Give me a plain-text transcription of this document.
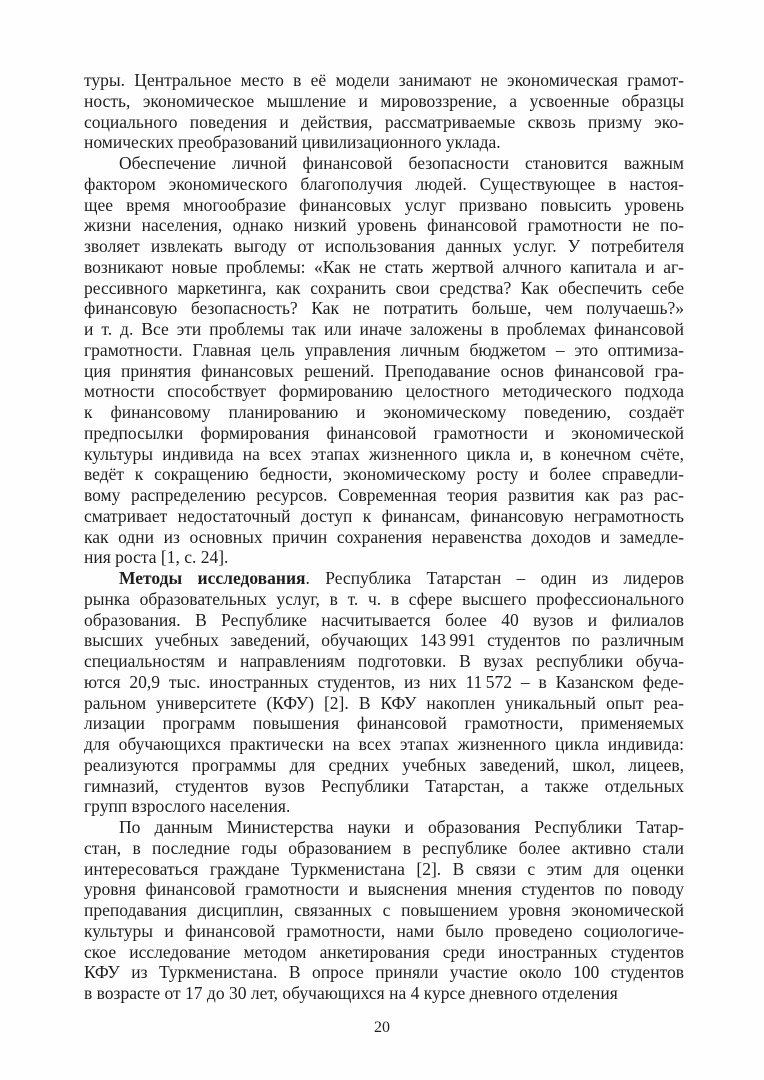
туры. Центральное место в её модели занимают не экономическая грамот-
ность, экономическое мышление и мировоззрение, а усвоенные образцы
социального поведения и действия, рассматриваемые сквозь призму эко-
номических преобразований цивилизационного уклада.
Обеспечение личной финансовой безопасности становится важным
фактором экономического благополучия людей. Существующее в настоя-
щее время многообразие финансовых услуг призвано повысить уровень
жизни населения, однако низкий уровень финансовой грамотности не по-
зволяет извлекать выгоду от использования данных услуг. У потребителя
возникают новые проблемы: «Как не стать жертвой алчного капитала и аг-
рессивного маркетинга, как сохранить свои средства? Как обеспечить себе
финансовую безопасность? Как не потратить больше, чем получаешь?»
и т. д. Все эти проблемы так или иначе заложены в проблемах финансовой
грамотности. Главная цель управления личным бюджетом – это оптимиза-
ция принятия финансовых решений. Преподавание основ финансовой гра-
мотности способствует формированию целостного методического подхода
к финансовому планированию и экономическому поведению, создаёт
предпосылки формирования финансовой грамотности и экономической
культуры индивида на всех этапах жизненного цикла и, в конечном счёте,
ведёт к сокращению бедности, экономическому росту и более справедли-
вому распределению ресурсов. Современная теория развития как раз рас-
сматривает недостаточный доступ к финансам, финансовую неграмотность
как одни из основных причин сохранения неравенства доходов и замедле-
ния роста [1, с. 24].
Методы исследования. Республика Татарстан – один из лидеров
рынка образовательных услуг, в т. ч. в сфере высшего профессионального
образования. В Республике насчитывается более 40 вузов и филиалов
высших учебных заведений, обучающих 143 991 студентов по различным
специальностям и направлениям подготовки. В вузах республики обуча-
ются 20,9 тыс. иностранных студентов, из них 11 572 – в Казанском феде-
ральном университете (КФУ) [2]. В КФУ накоплен уникальный опыт реа-
лизации программ повышения финансовой грамотности, применяемых
для обучающихся практически на всех этапах жизненного цикла индивида:
реализуются программы для средних учебных заведений, школ, лицеев,
гимназий, студентов вузов Республики Татарстан, а также отдельных
групп взрослого населения.
По данным Министерства науки и образования Республики Татар-
стан, в последние годы образованием в республике более активно стали
интересоваться граждане Туркменистана [2]. В связи с этим для оценки
уровня финансовой грамотности и выяснения мнения студентов по поводу
преподавания дисциплин, связанных с повышением уровня экономической
культуры и финансовой грамотности, нами было проведено социологиче-
ское исследование методом анкетирования среди иностранных студентов
КФУ из Туркменистана. В опросе приняли участие около 100 студентов
в возрасте от 17 до 30 лет, обучающихся на 4 курсе дневного отделения
20
